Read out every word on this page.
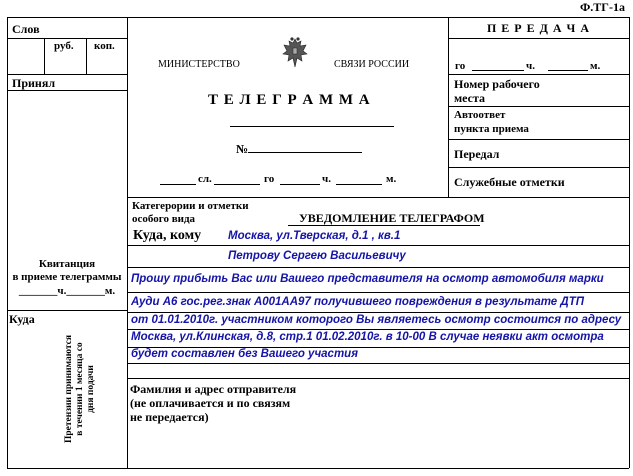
Ф.ТГ-1а
Слов
руб. коп.
Принял
Квитанция
в приеме телеграммы
_______ч._______м.
Куда
Претензии принимаются в течении 1 месяца со дня подачи
МИНИСТЕРСТВО	СВЯЗИ РОССИИ
Т Е Л Е Г Р А М М А
№
сл.	го	ч.	м.
П Е Р Е Д А Ч А
го	ч.	м.
Номер рабочего
места
Автоответ
пункта приема
Передал
Служебные отметки
Категерории и отметки
особого вида	УВЕДОМЛЕНИЕ ТЕЛЕГРАФОМ
Куда, кому Москва, ул.Тверская, д.1 , кв.1
Петрову Сергею Васильевичу
Прошу прибыть Вас или Вашего представителя на осмотр автомобиля марки
Ауди А6 гос.рег.знак А001АА97 получившего повреждения в результате ДТП
от 01.01.2010г. участником которого Вы являетесь осмотр состоится по адресу
Москва, ул.Клинская, д.8, стр.1 01.02.2010г. в 10-00 В случае неявки акт осмотра
будет составлен без Вашего участия
Фамилия и адрес отправителя
(не оплачивается и по связям
не передается)
